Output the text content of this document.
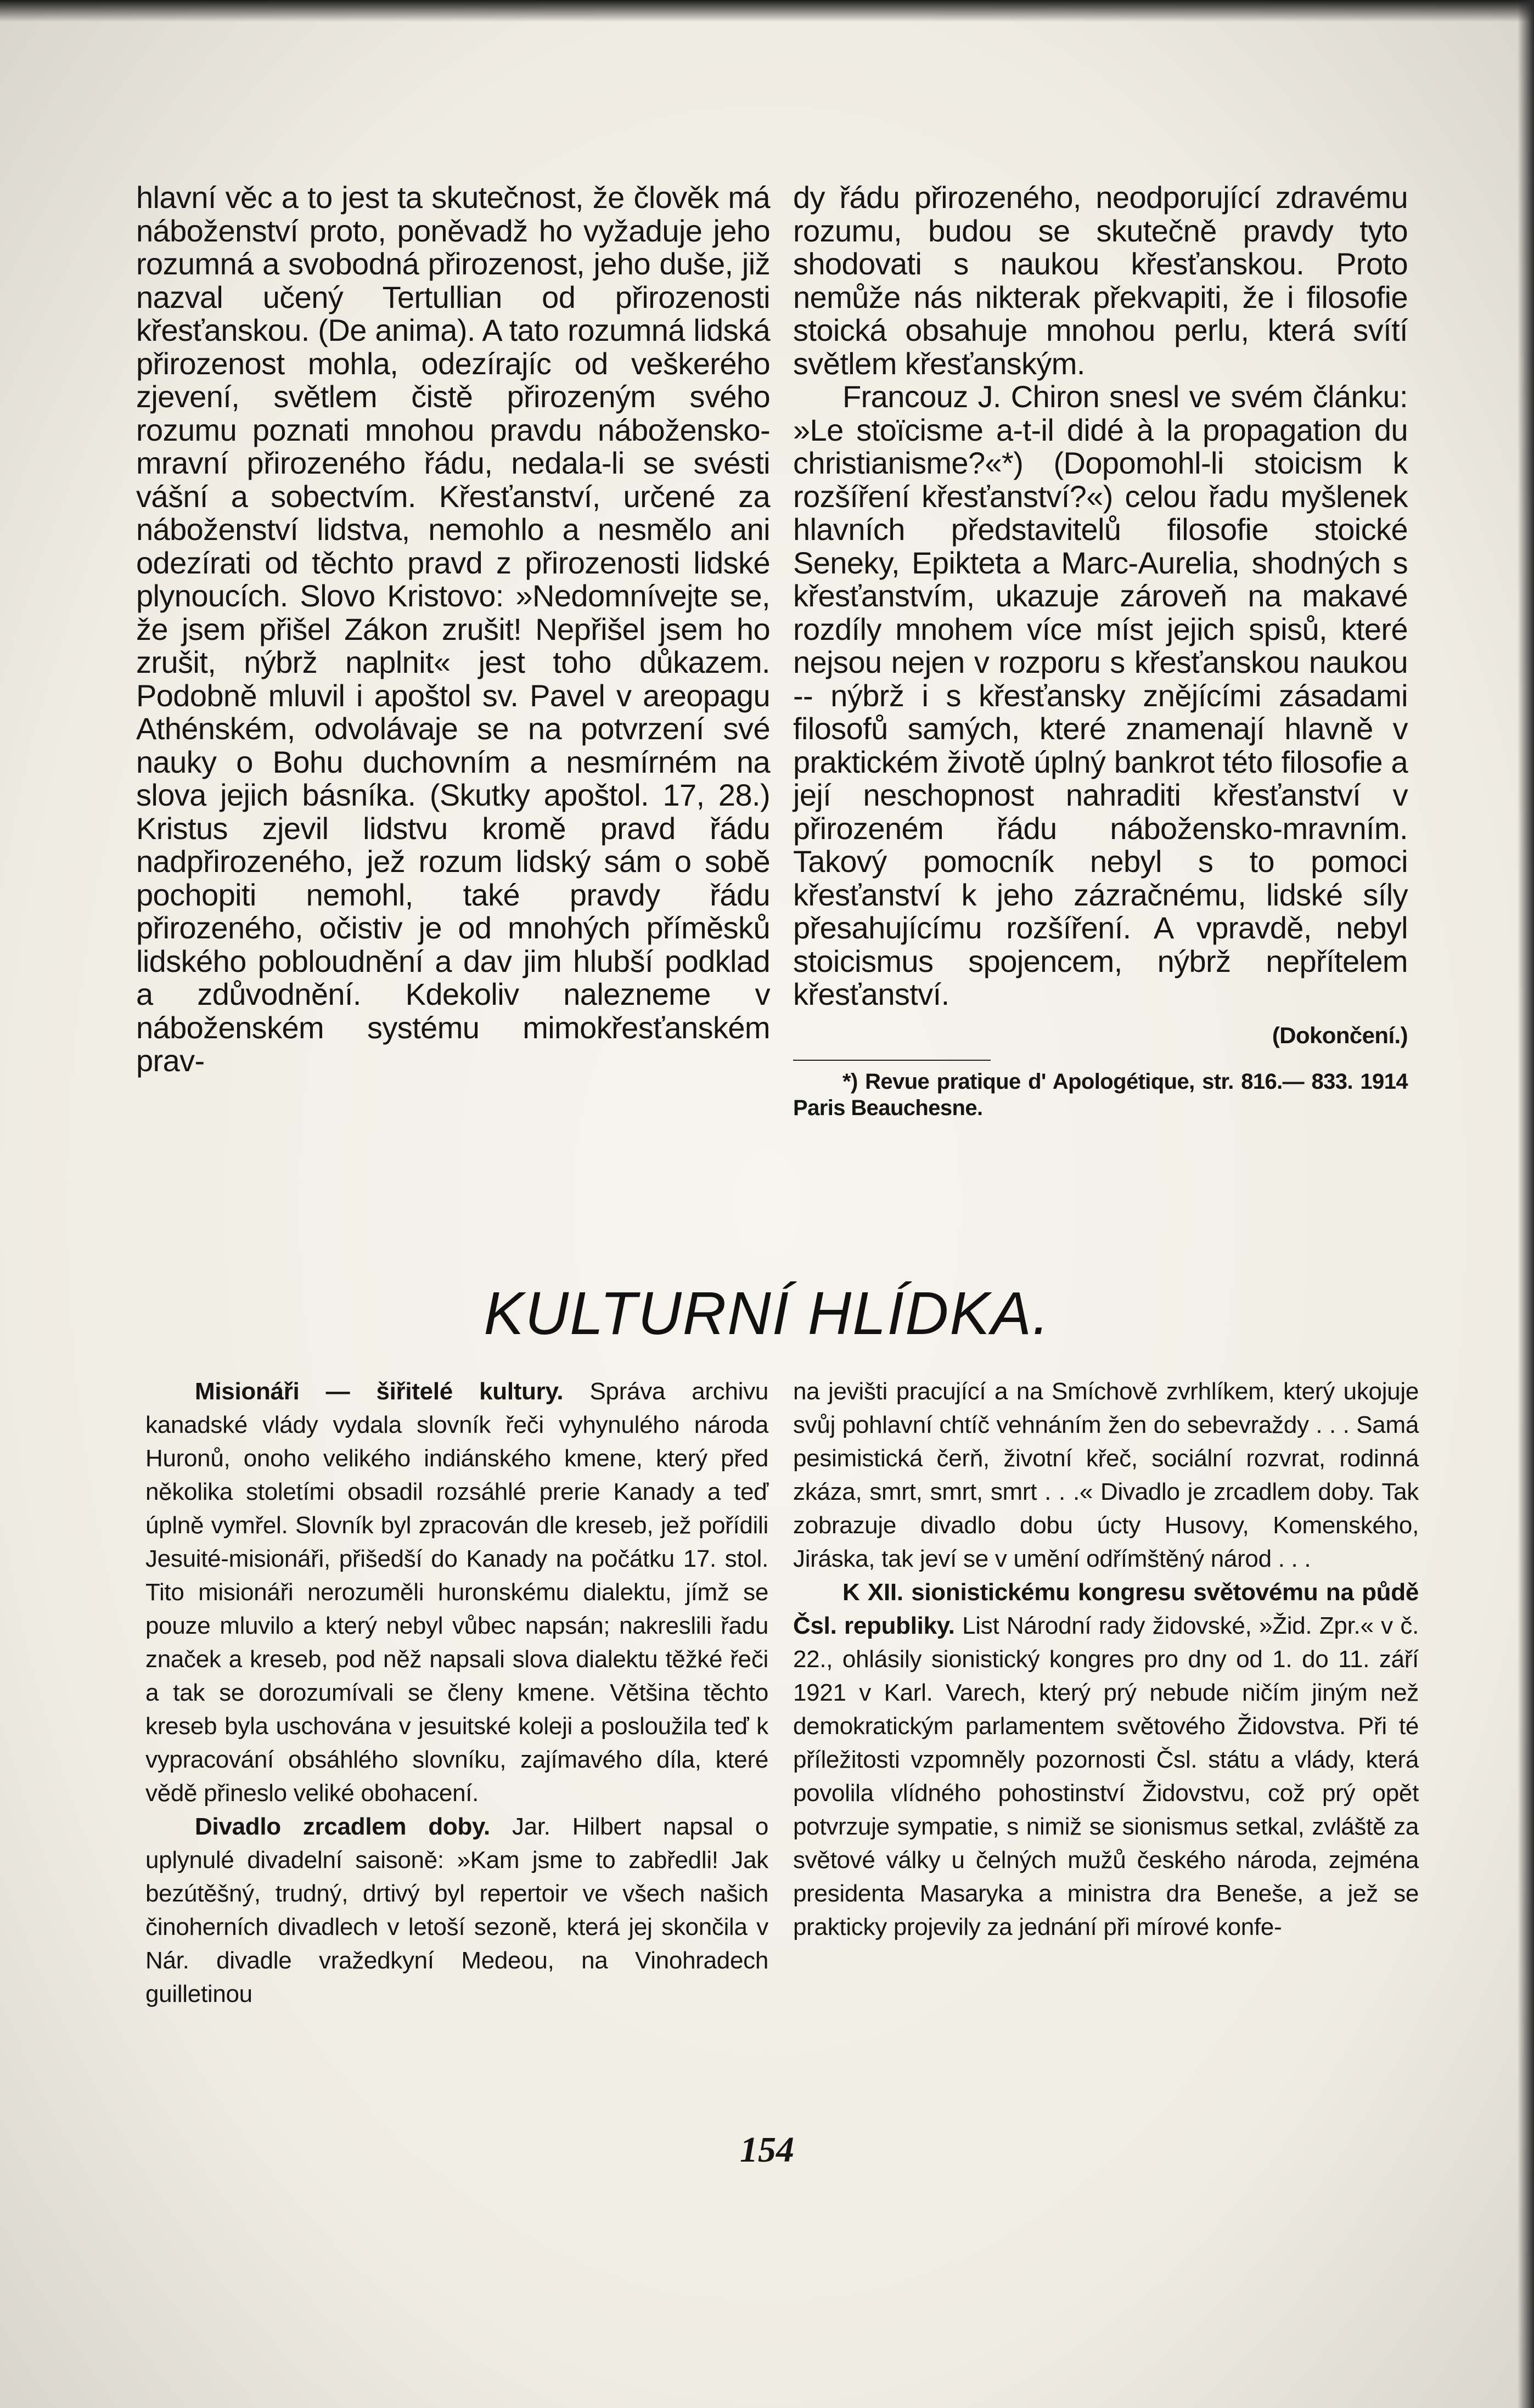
hlavní věc a to jest ta skutečnost, že člověk má náboženství proto, poněvadž ho vyžaduje jeho rozumná a svobodná přirozenost, jeho duše, již nazval učený Tertullian od přirozenosti křesťanskou. (De anima). A tato rozumná lidská přirozenost mohla, odezírajíc od veškerého zjevení, světlem čistě přirozeným svého rozumu poznati mnohou pravdu nábožensko-mravní přirozeného řádu, nedala-li se svésti vášní a sobectvím. Křesťanství, určené za náboženství lidstva, nemohlo a nesmělo ani odezírati od těchto pravd z přirozenosti lidské plynoucích. Slovo Kristovo: »Nedomnívejte se, že jsem přišel Zákon zrušit! Nepřišel jsem ho zrušit, nýbrž naplnit« jest toho důkazem. Podobně mluvil i apoštol sv. Pavel v areopagu Athénském, odvolávaje se na potvrzení své nauky o Bohu duchovním a nesmírném na slova jejich básníka. (Skutky apoštol. 17, 28.) Kristus zjevil lidstvu kromě pravd řádu nadpřirozeného, jež rozum lidský sám o sobě pochopiti nemohl, také pravdy řádu přirozeného, očistiv je od mnohých příměsků lidského pobloudnění a dav jim hlubší podklad a zdůvodnění. Kdekoliv nalezneme v náboženském systému mimokřesťanském prav-

dy řádu přirozeného, neodporující zdravému rozumu, budou se skutečně pravdy tyto shodovati s naukou křesťanskou. Proto nemůže nás nikterak překvapiti, že i filosofie stoická obsahuje mnohou perlu, která svítí světlem křesťanským.

Francouz J. Chiron snesl ve svém článku: »Le stoïcisme a-t-il didé à la propagation du christianisme?«*) (Dopomohl-li stoicism k rozšíření křesťanství?«) celou řadu myšlenek hlavních představitelů filosofie stoické Seneky, Epikteta a Marc-Aurelia, shodných s křesťanstvím, ukazuje zároveň na makavé rozdíly mnohem více míst jejich spisů, které nejsou nejen v rozporu s křesťanskou naukou -- nýbrž i s křesťansky znějícími zásadami filosofů samých, které znamenají hlavně v praktickém životě úplný bankrot této filosofie a její neschopnost nahraditi křesťanství v přirozeném řádu nábožensko-mravním. Takový pomocník nebyl s to pomoci křesťanství k jeho zázračnému, lidské síly přesahujícímu rozšíření. A vpravdě, nebyl stoicismus spojencem, nýbrž nepřítelem křesťanství.

(Dokončení.)

*) Revue pratique d' Apologétique, str. 816.— 833. 1914 Paris Beauchesne.

KULTURNÍ HLÍDKA.

Misionáři — šiřitelé kultury. Správa archivu kanadské vlády vydala slovník řeči vyhynulého národa Huronů, onoho velikého indiánského kmene, který před několika stoletími obsadil rozsáhlé prerie Kanady a teď úplně vymřel. Slovník byl zpracován dle kreseb, jež pořídili Jesuité-misionáři, přišedší do Kanady na počátku 17. stol. Tito misionáři nerozuměli huronskému dialektu, jímž se pouze mluvilo a který nebyl vůbec napsán; nakreslili řadu značek a kreseb, pod něž napsali slova dialektu těžké řeči a tak se dorozumívali se členy kmene. Většina těchto kreseb byla uschována v jesuitské koleji a posloužila teď k vypracování obsáhlého slovníku, zajímavého díla, které vědě přineslo veliké obohacení.

Divadlo zrcadlem doby. Jar. Hilbert napsal o uplynulé divadelní saisoně: »Kam jsme to zabředli! Jak bezútěšný, trudný, drtivý byl repertoir ve všech našich činoherních divadlech v letoší sezoně, která jej skončila v Nár. divadle vražedkyní Medeou, na Vinohradech guilletinou

na jevišti pracující a na Smíchově zvrhlíkem, který ukojuje svůj pohlavní chtíč vehnáním žen do sebevraždy . . . Samá pesimistická čerň, životní křeč, sociální rozvrat, rodinná zkáza, smrt, smrt, smrt . . .« Divadlo je zrcadlem doby. Tak zobrazuje divadlo dobu úcty Husovy, Komenského, Jiráska, tak jeví se v umění odřímštěný národ . . .

K XII. sionistickému kongresu světovému na půdě Čsl. republiky. List Národní rady židovské, »Žid. Zpr.« v č. 22., ohlásily sionistický kongres pro dny od 1. do 11. září 1921 v Karl. Varech, který prý nebude ničím jiným než demokratickým parlamentem světového Židovstva. Při té příležitosti vzpomněly pozornosti Čsl. státu a vlády, která povolila vlídného pohostinství Židovstvu, což prý opět potvrzuje sympatie, s nimiž se sionismus setkal, zvláště za světové války u čelných mužů českého národa, zejména presidenta Masaryka a ministra dra Beneše, a jež se prakticky projevily za jednání při mírové konfe-

154
